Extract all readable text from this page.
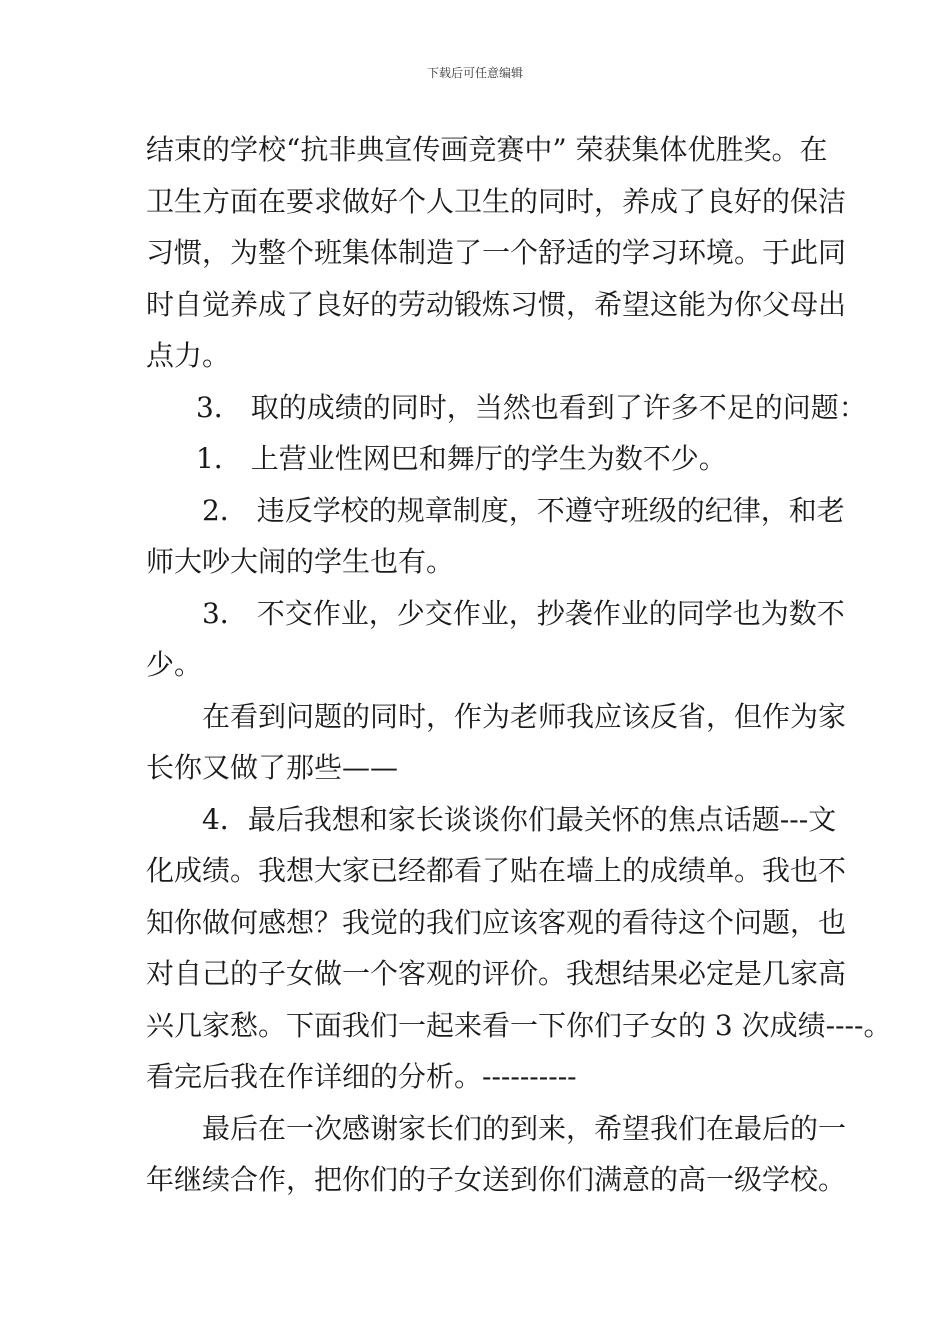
下载后可任意编辑
结束的学校“抗非典宣传画竞赛中” 荣获集体优胜奖。在
卫生方面在要求做好个人卫生的同时，养成了良好的保洁
习惯，为整个班集体制造了一个舒适的学习环境。于此同
时自觉养成了良好的劳动锻炼习惯，希望这能为你父母出
点力。
3． 取的成绩的同时，当然也看到了许多不足的问题：
1． 上营业性网巴和舞厅的学生为数不少。
2． 违反学校的规章制度，不遵守班级的纪律，和老
师大吵大闹的学生也有。
3． 不交作业，少交作业，抄袭作业的同学也为数不
少。
在看到问题的同时，作为老师我应该反省，但作为家
长你又做了那些——
4．最后我想和家长谈谈你们最关怀的焦点话题---文
化成绩。我想大家已经都看了贴在墙上的成绩单。我也不
知你做何感想？我觉的我们应该客观的看待这个问题，也
对自己的子女做一个客观的评价。我想结果必定是几家高
兴几家愁。下面我们一起来看一下你们子女的 3 次成绩----。
看完后我在作详细的分析。----------
最后在一次感谢家长们的到来，希望我们在最后的一
年继续合作，把你们的子女送到你们满意的高一级学校。
